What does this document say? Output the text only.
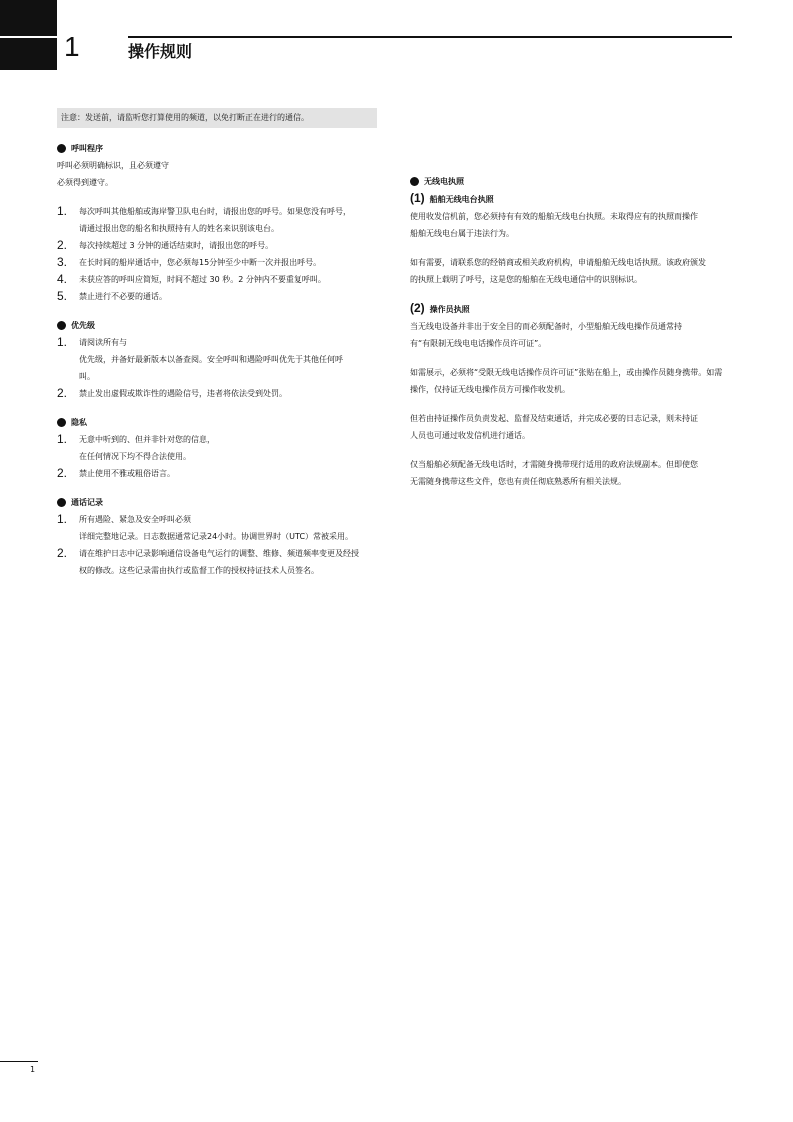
1	操作规则
注意：发送前，请监听您打算使用的频道，以免打断正在进行的通信。
呼叫程序

呼叫必须明确标识，且必须遵守

必须得到遵守。

1.	每次呼叫其他船舶或海岸警卫队电台时，请报出您的呼号。如果您没有呼号，
请通过报出您的船名和执照持有人的姓名来识别该电台。
2.	每次持续超过 3 分钟的通话结束时，请报出您的呼号。
3.	在长时间的船岸通话中，您必须每15分钟至少中断一次并报出呼号。
4.	未获应答的呼叫应简短，时间不超过 30 秒。2 分钟内不要重复呼叫。
5.	禁止进行不必要的通话。
优先级
1.	请阅读所有与
优先级，并备好最新版本以备查阅。安全呼叫和遇险呼叫优先于其他任何呼
叫。
2.	禁止发出虚假或欺诈性的遇险信号，违者将依法受到处罚。
隐私
1.	无意中听到的、但并非针对您的信息，
在任何情况下均不得合法使用。
2.	禁止使用不雅或粗俗语言。
通话记录
1.	所有遇险、紧急及安全呼叫必须
详细完整地记录。日志数据通常记录24小时。协调世界时（UTC）常被采用。
2.	请在维护日志中记录影响通信设备电气运行的调整、维修、频道频率变更及经授
权的修改。这些记录需由执行或监督工作的授权持证技术人员签名。
无线电执照
(1) 船舶无线电台执照

使用收发信机前，您必须持有有效的船舶无线电台执照。未取得应有的执照而操作

船舶无线电台属于违法行为。

如有需要，请联系您的经销商或相关政府机构，申请船舶无线电话执照。该政府颁发

的执照上载明了呼号，这是您的船舶在无线电通信中的识别标识。

(2) 操作员执照

当无线电设备并非出于安全目的而必须配备时，小型船舶无线电操作员通常持

有“有限制无线电电话操作员许可证”。

如需展示，必须将“受限无线电话操作员许可证”张贴在船上，或由操作员随身携带。如需

操作，仅持证无线电操作员方可操作收发机。

但若由持证操作员负责发起、监督及结束通话，并完成必要的日志记录，则未持证

人员也可通过收发信机进行通话。

仅当船舶必须配备无线电话时，才需随身携带现行适用的政府法规副本。但即使您

无需随身携带这些文件，您也有责任彻底熟悉所有相关法规。

1
